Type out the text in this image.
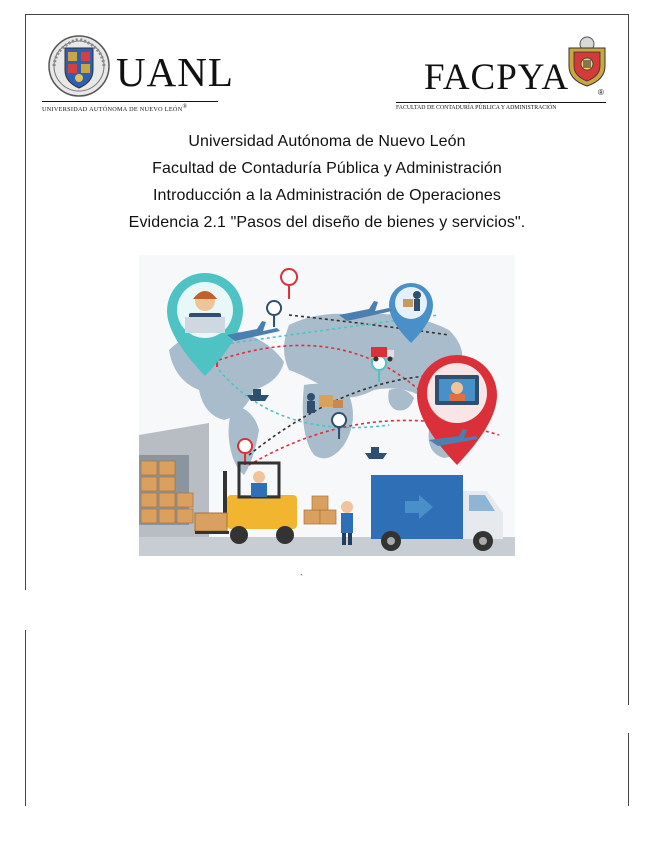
UANL
UNIVERSIDAD AUTÓNOMA DE NUEVO LEÓN®
FACPYA	®
FACULTAD DE CONTADURÍA PÚBLICA Y ADMINISTRACIÓN
Universidad Autónoma de Nuevo León
Facultad de Contaduría Pública y Administración
Introducción a la Administración de Operaciones
Evidencia 2.1 "Pasos del diseño de bienes y servicios".
`
